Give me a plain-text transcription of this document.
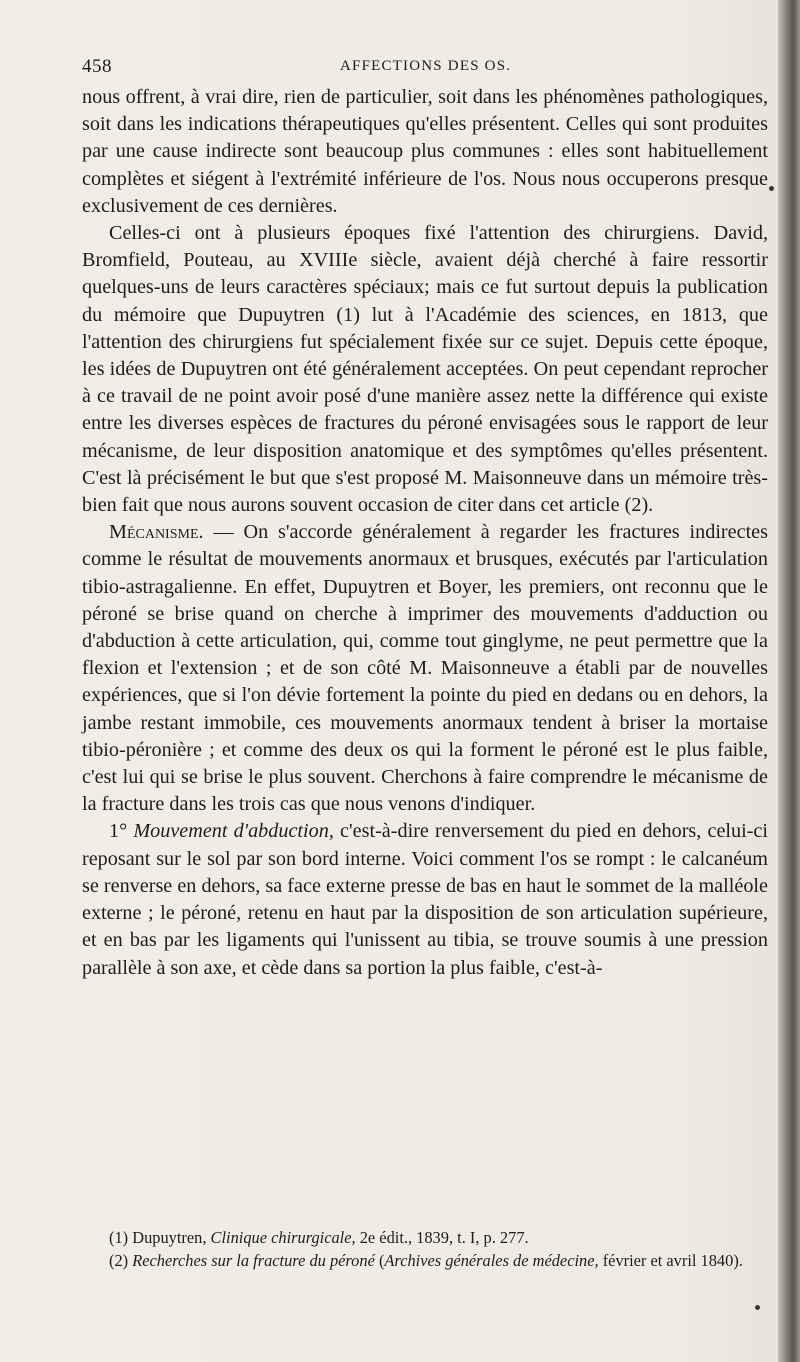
458	AFFECTIONS DES OS.

nous offrent, à vrai dire, rien de particulier, soit dans les phénomènes pathologiques, soit dans les indications thérapeutiques qu'elles présentent. Celles qui sont produites par une cause indirecte sont beaucoup plus communes : elles sont habituellement complètes et siégent à l'extrémité inférieure de l'os. Nous nous occuperons presque exclusivement de ces dernières.

Celles-ci ont à plusieurs époques fixé l'attention des chirurgiens. David, Bromfield, Pouteau, au XVIIIe siècle, avaient déjà cherché à faire ressortir quelques-uns de leurs caractères spéciaux; mais ce fut surtout depuis la publication du mémoire que Dupuytren (1) lut à l'Académie des sciences, en 1813, que l'attention des chirurgiens fut spécialement fixée sur ce sujet. Depuis cette époque, les idées de Dupuytren ont été généralement acceptées. On peut cependant reprocher à ce travail de ne point avoir posé d'une manière assez nette la différence qui existe entre les diverses espèces de fractures du péroné envisagées sous le rapport de leur mécanisme, de leur disposition anatomique et des symptômes qu'elles présentent. C'est là précisément le but que s'est proposé M. Maisonneuve dans un mémoire très-bien fait que nous aurons souvent occasion de citer dans cet article (2).

Mécanisme. — On s'accorde généralement à regarder les fractures indirectes comme le résultat de mouvements anormaux et brusques, exécutés par l'articulation tibio-astragalienne. En effet, Dupuytren et Boyer, les premiers, ont reconnu que le péroné se brise quand on cherche à imprimer des mouvements d'adduction ou d'abduction à cette articulation, qui, comme tout ginglyme, ne peut permettre que la flexion et l'extension ; et de son côté M. Maisonneuve a établi par de nouvelles expériences, que si l'on dévie fortement la pointe du pied en dedans ou en dehors, la jambe restant immobile, ces mouvements anormaux tendent à briser la mortaise tibio-péronière ; et comme des deux os qui la forment le péroné est le plus faible, c'est lui qui se brise le plus souvent. Cherchons à faire comprendre le mécanisme de la fracture dans les trois cas que nous venons d'indiquer.

1° Mouvement d'abduction, c'est-à-dire renversement du pied en dehors, celui-ci reposant sur le sol par son bord interne. Voici comment l'os se rompt : le calcanéum se renverse en dehors, sa face externe presse de bas en haut le sommet de la malléole externe ; le péroné, retenu en haut par la disposition de son articulation supérieure, et en bas par les ligaments qui l'unissent au tibia, se trouve soumis à une pression parallèle à son axe, et cède dans sa portion la plus faible, c'est-à-

(1) Dupuytren, Clinique chirurgicale, 2e édit., 1839, t. I, p. 277.

(2) Recherches sur la fracture du péroné (Archives générales de médecine, février et avril 1840).
